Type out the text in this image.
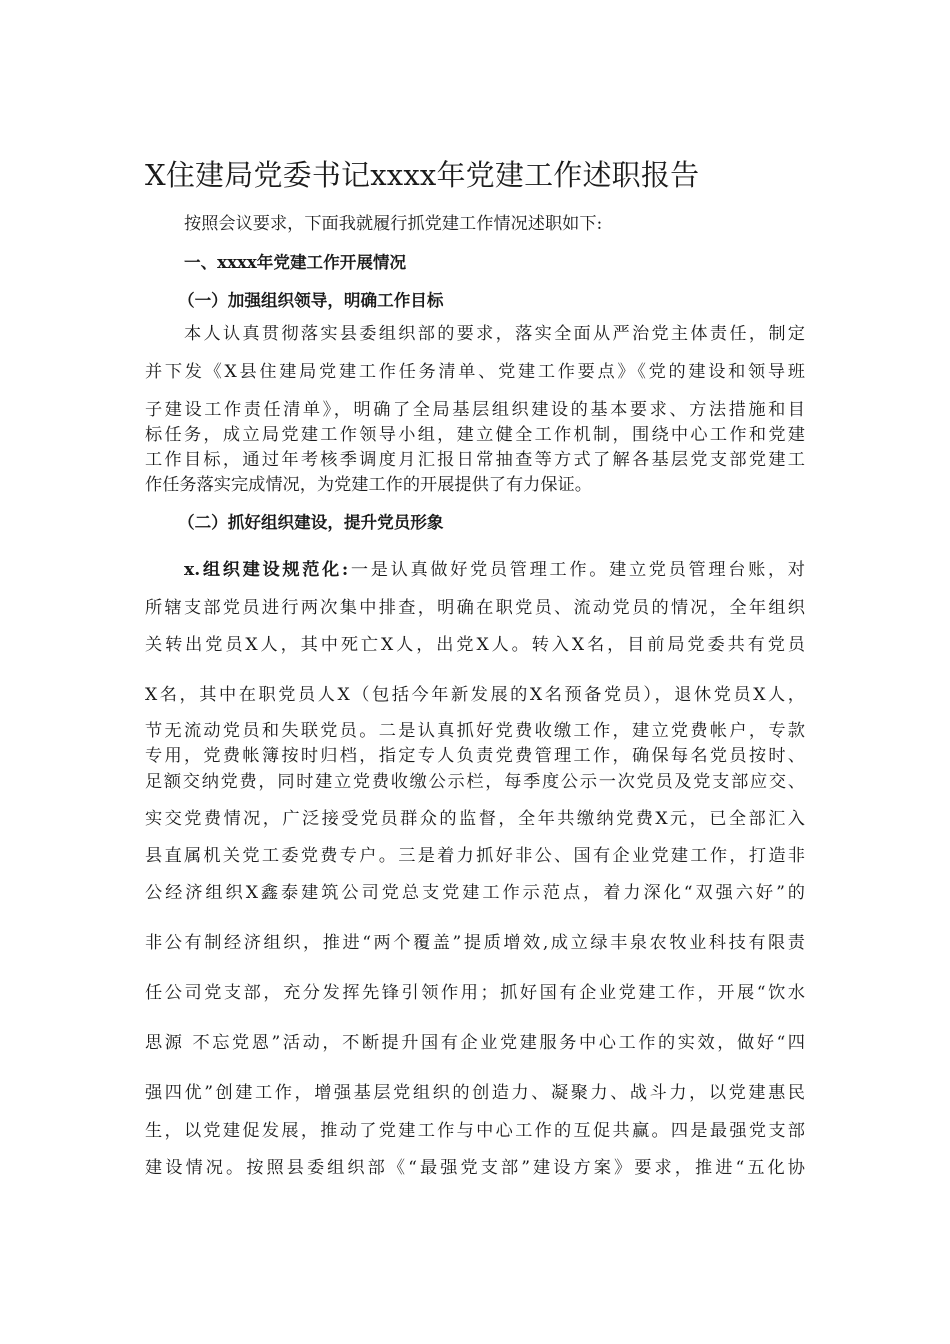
X住建局党委书记xxxx年党建工作述职报告
按照会议要求，下面我就履行抓党建工作情况述职如下:
一、xxxx年党建工作开展情况
（一）加强组织领导，明确工作目标
本人认真贯彻落实县委组织部的要求，落实全面从严治党主体责任，制定
并下发《X县住建局党建工作任务清单、党建工作要点》《党的建设和领导班
子建设工作责任清单》，明确了全局基层组织建设的基本要求、方法措施和目
标任务，成立局党建工作领导小组，建立健全工作机制，围绕中心工作和党建
工作目标，通过年考核季调度月汇报日常抽查等方式了解各基层党支部党建工
作任务落实完成情况，为党建工作的开展提供了有力保证。
（二）抓好组织建设，提升党员形象
x.组织建设规范化:一是认真做好党员管理工作。建立党员管理台账，对
所辖支部党员进行两次集中排查，明确在职党员、流动党员的情况，全年组织
关转出党员X人，其中死亡X人，出党X人。转入X名，目前局党委共有党员
X名，其中在职党员人X（包括今年新发展的X名预备党员），退休党员X人，
节无流动党员和失联党员。二是认真抓好党费收缴工作，建立党费帐户，专款
专用，党费帐簿按时归档，指定专人负责党费管理工作，确保每名党员按时、
足额交纳党费，同时建立党费收缴公示栏，每季度公示一次党员及党支部应交、
实交党费情况，广泛接受党员群众的监督，全年共缴纳党费X元，已全部汇入
县直属机关党工委党费专户。三是着力抓好非公、国有企业党建工作，打造非
公经济组织X鑫泰建筑公司党总支党建工作示范点，着力深化“双强六好”的
非公有制经济组织，推进“两个覆盖”提质增效,成立绿丰泉农牧业科技有限责
任公司党支部，充分发挥先锋引领作用；抓好国有企业党建工作，开展“饮水
思源 不忘党恩”活动，不断提升国有企业党建服务中心工作的实效，做好“四
强四优”创建工作，增强基层党组织的创造力、凝聚力、战斗力，以党建惠民
生，以党建促发展，推动了党建工作与中心工作的互促共赢。四是最强党支部
建设情况。按照县委组织部《“最强党支部”建设方案》要求，推进“五化协
